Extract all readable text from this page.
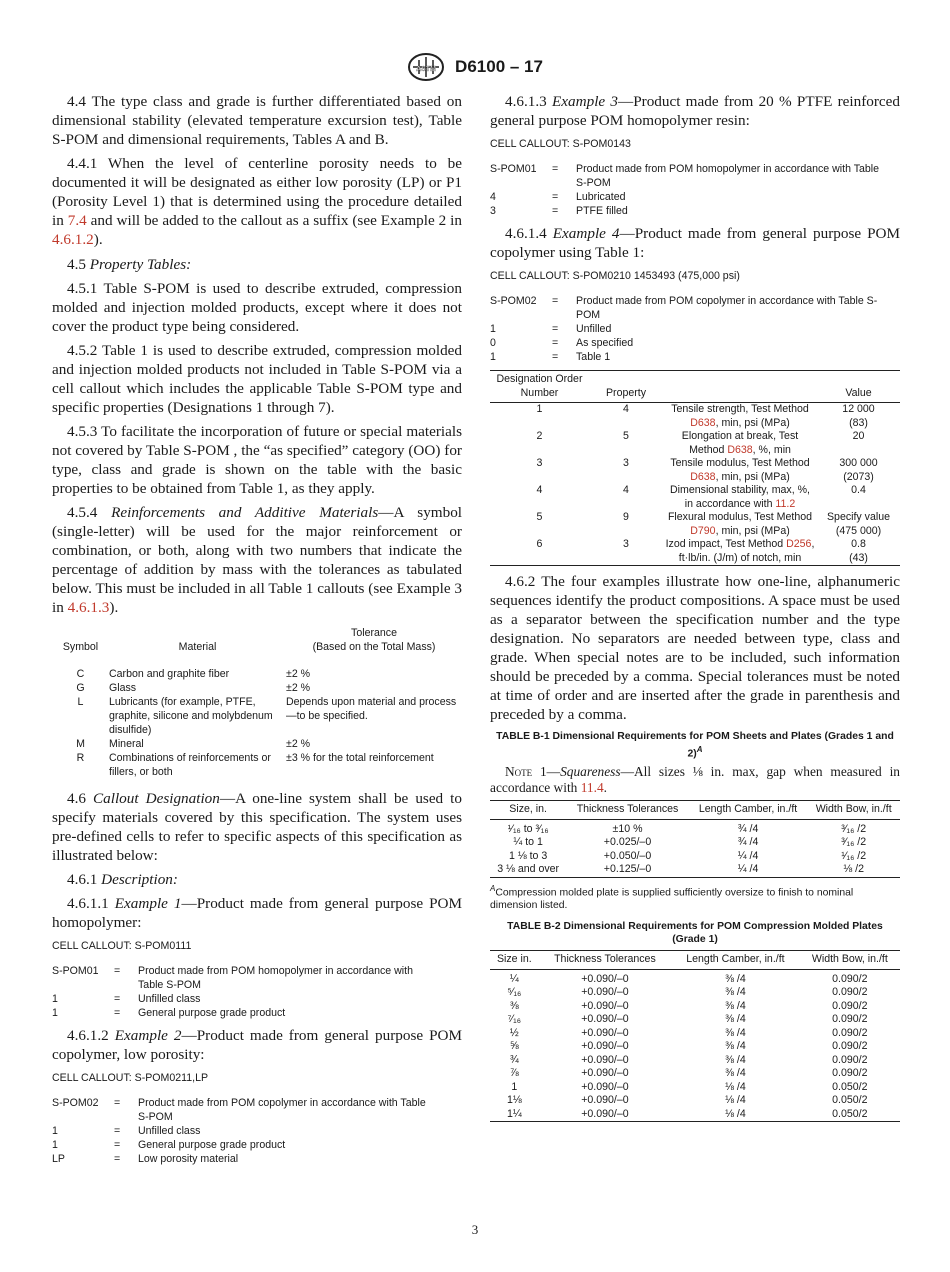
ASTM D6100 – 17

4.4 The type class and grade is further differentiated based on dimensional stability (elevated temperature excursion test), Table S-POM and dimensional requirements, Tables A and B.

4.4.1 When the level of centerline porosity needs to be documented it will be designated as either low porosity (LP) or P1 (Porosity Level 1) that is determined using the procedure detailed in 7.4 and will be added to the callout as a suffix (see Example 2 in 4.6.1.2).

4.5 Property Tables:

4.5.1 Table S-POM is used to describe extruded, compression molded and injection molded products, except where it does not cover the product type being considered.

4.5.2 Table 1 is used to describe extruded, compression molded and injection molded products not included in Table S-POM via a cell callout which includes the applicable Table S-POM type and specific properties (Designations 1 through 7).

4.5.3 To facilitate the incorporation of future or special materials not covered by Table S-POM , the “as specified” category (OO) for type, class and grade is shown on the table with the basic properties to be obtained from Table 1, as they apply.

4.5.4 Reinforcements and Additive Materials—A symbol (single-letter) will be used for the major reinforcement or combination, or both, along with two numbers that indicate the percentage of addition by mass with the tolerances as tabulated below. This must be included in all Table 1 callouts (see Example 3 in 4.6.1.3).

Symbol	Material	Tolerance
(Based on the Total Mass)
C	Carbon and graphite fiber	±2 %
G	Glass	±2 %
L	Lubricants (for example, PTFE, graphite, silicone and molybdenum disulfide)	Depends upon material and process—to be specified.
M	Mineral	±2 %
R	Combinations of reinforcements or fillers, or both	±3 % for the total reinforcement

4.6 Callout Designation—A one-line system shall be used to specify materials covered by this specification. The system uses pre-defined cells to refer to specific aspects of this specification as illustrated below:

4.6.1 Description:

4.6.1.1 Example 1—Product made from general purpose POM homopolymer:

CELL CALLOUT: S-POM0111
S-POM01	=	Product made from POM homopolymer in accordance with Table S-POM
1	=	Unfilled class
1	=	General purpose grade product

4.6.1.2 Example 2—Product made from general purpose POM copolymer, low porosity:

CELL CALLOUT: S-POM0211,LP
S-POM02	=	Product made from POM copolymer in accordance with Table S-POM
1	=	Unfilled class
1	=	General purpose grade product
LP	=	Low porosity material

4.6.1.3 Example 3—Product made from 20 % PTFE reinforced general purpose POM homopolymer resin:

CELL CALLOUT: S-POM0143
S-POM01	=	Product made from POM homopolymer in accordance with Table S-POM
4	=	Lubricated
3	=	PTFE filled

4.6.1.4 Example 4—Product made from general purpose POM copolymer using Table 1:

CELL CALLOUT: S-POM0210 1453493 (475,000 psi)
S-POM02	=	Product made from POM copolymer in accordance with Table S-POM
1	=	Unfilled
0	=	As specified
1	=	Table 1
Designation Order Number	Property		Value
1	4	Tensile strength, Test Method D638, min, psi (MPa)	12 000
(83)
2	5	Elongation at break, Test Method D638, %, min	20
3	3	Tensile modulus, Test Method D638, min, psi (MPa)	300 000
(2073)
4	4	Dimensional stability, max, %, in accordance with 11.2	0.4
5	9	Flexural modulus, Test Method D790, min, psi (MPa)	Specify value
(475 000)
6	3	Izod impact, Test Method D256, ft·lb/in. (J/m) of notch, min	0.8
(43)

4.6.2 The four examples illustrate how one-line, alphanumeric sequences identify the product compositions. A space must be used as a separator between the specification number and the type designation. No separators are needed between type, class and grade. When special notes are to be included, such information should be preceded by a comma. Special tolerances must be noted at time of order and are inserted after the grade in parenthesis and preceded by a comma.

TABLE B-1 Dimensional Requirements for POM Sheets and Plates (Grades 1 and 2)$^A$

Note 1—Squareness—All sizes ⅛ in. max, gap when measured in accordance with 11.4.

Size, in.	Thickness Tolerances	Length Camber, in./ft	Width Bow, in./ft
¹⁄₁₆ to ³⁄₁₆	±10 %	¾ /4	³⁄₁₆ /2
¼ to 1	+0.025/–0	¾ /4	³⁄₁₆ /2
1 ⅛ to 3	+0.050/–0	¼ /4	¹⁄₁₆ /2
3 ⅛ and over	+0.125/–0	¼ /4	⅛ /2
$^A$Compression molded plate is supplied sufficiently oversize to finish to nominal dimension listed.
TABLE B-2 Dimensional Requirements for POM Compression Molded Plates (Grade 1)
Size in.	Thickness Tolerances	Length Camber, in./ft	Width Bow, in./ft
¼	+0.090/–0	⅜ /4	0.090/2
⁵⁄₁₆	+0.090/–0	⅜ /4	0.090/2
⅜	+0.090/–0	⅜ /4	0.090/2
⁷⁄₁₆	+0.090/–0	⅜ /4	0.090/2
½	+0.090/–0	⅜ /4	0.090/2
⅝	+0.090/–0	⅜ /4	0.090/2
¾	+0.090/–0	⅜ /4	0.090/2
⅞	+0.090/–0	⅜ /4	0.090/2
1	+0.090/–0	⅛ /4	0.050/2
1⅛	+0.090/–0	⅛ /4	0.050/2
1¼	+0.090/–0	⅛ /4	0.050/2
3
